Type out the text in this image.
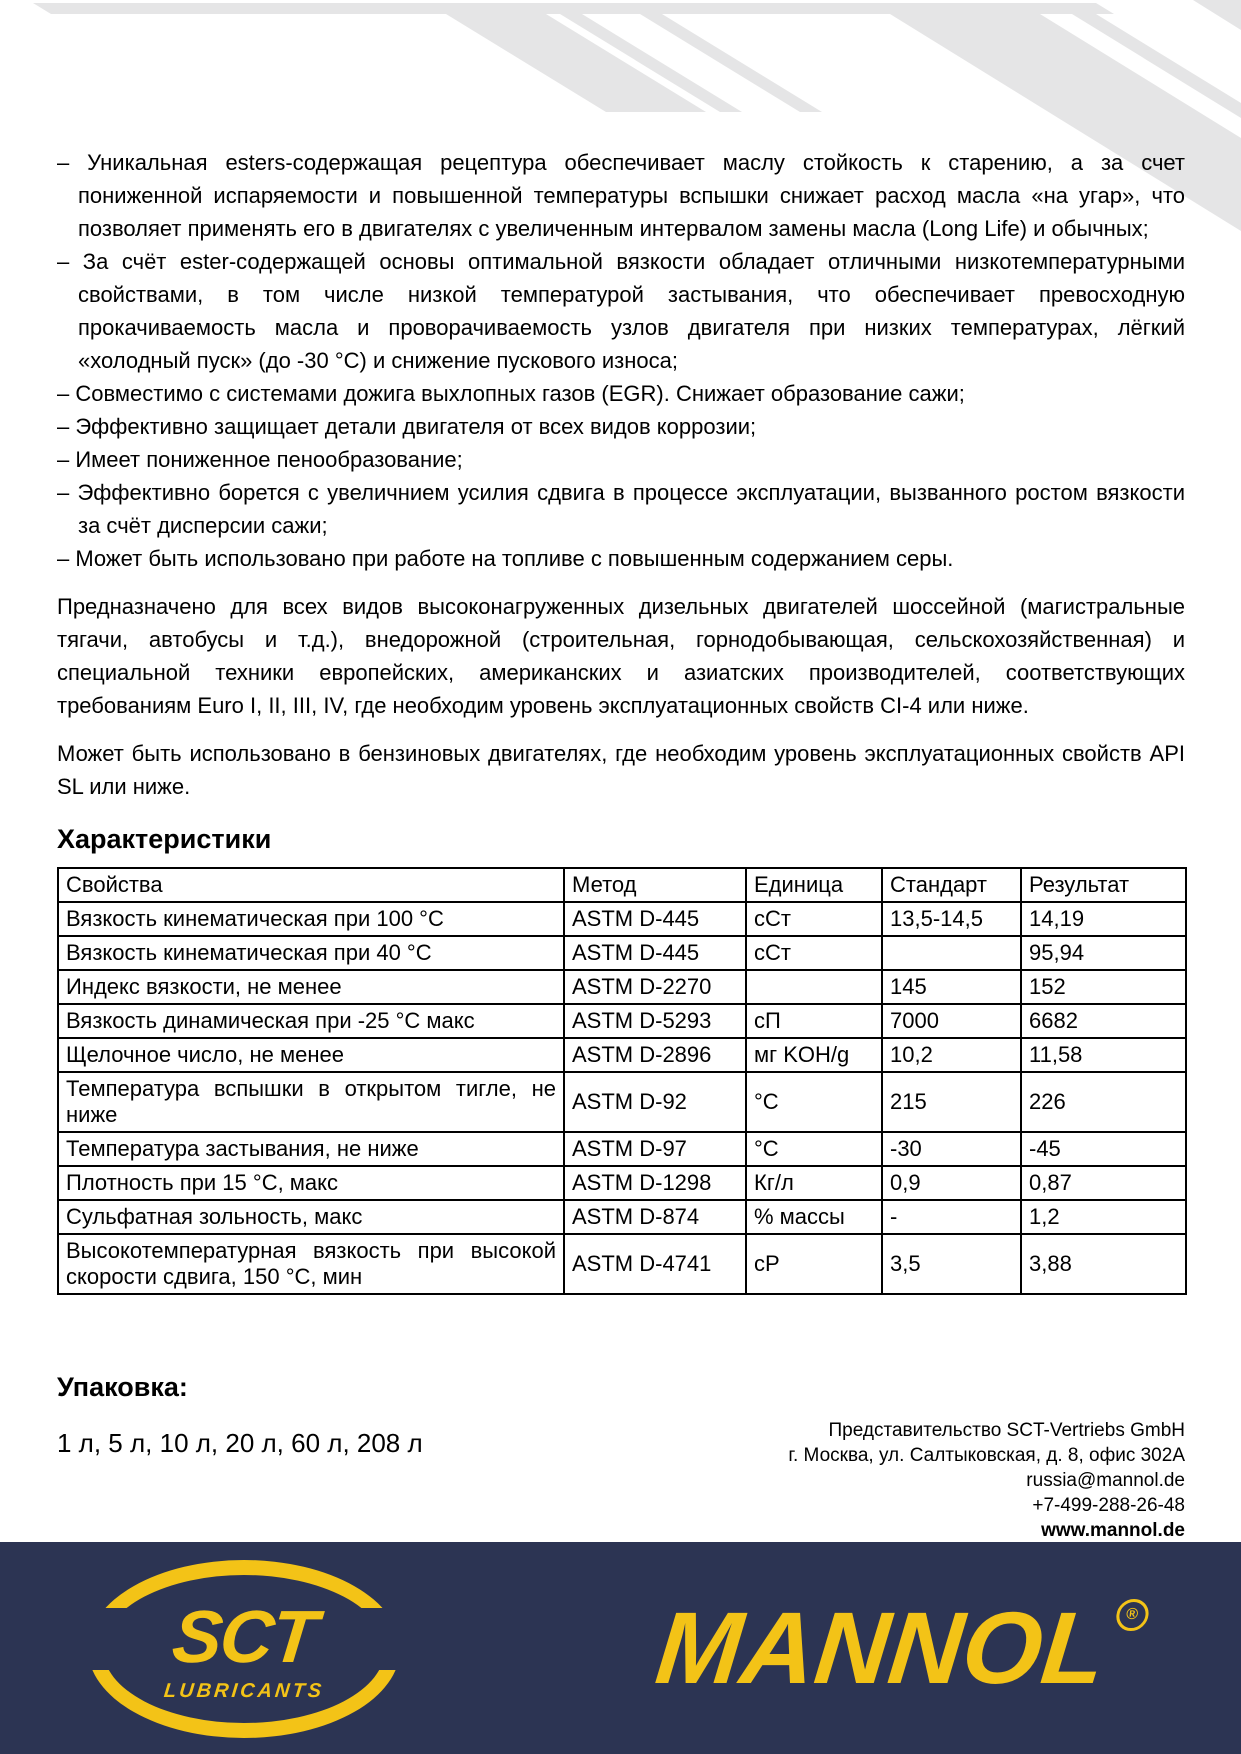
– Уникальная esters-содержащая рецептура обеспечивает маслу стойкость к старению, а за счет пониженной испаряемости и повышенной температуры вспышки снижает расход масла «на угар», что позволяет применять его в двигателях с увеличенным интервалом замены масла (Long Life) и обычных;
– За счёт ester-содержащей основы оптимальной вязкости обладает отличными низкотемпературными свойствами, в том числе низкой температурой застывания, что обеспечивает превосходную прокачиваемость масла и проворачиваемость узлов двигателя при низких температурах, лёгкий «холодный пуск» (до -30 °C) и снижение пускового износа;
– Совместимо с системами дожига выхлопных газов (EGR). Снижает образование сажи;
– Эффективно защищает детали двигателя от всех видов коррозии;
– Имеет пониженное пенообразование;
– Эффективно борется с увеличнием усилия сдвига в процессе эксплуатации, вызванного ростом вязкости за счёт дисперсии сажи;
– Может быть использовано при работе на топливе с повышенным содержанием серы.
Предназначено для всех видов высоконагруженных дизельных двигателей шоссейной (магистральные тягачи, автобусы и т.д.), внедорожной (строительная, горнодобывающая, сельскохозяйственная) и специальной техники европейских, американских и азиатских производителей, соответствующих требованиям Euro I, II, III, IV, где необходим уровень эксплуатационных свойств CI-4 или ниже.
Может быть использовано в бензиновых двигателях, где необходим уровень эксплуатационных свойств API SL или ниже.
Характеристики
Свойства	Метод	Единица	Стандарт	Результат
Вязкость кинематическая при 100 °C	ASTM D-445	сСт	13,5-14,5	14,19
Вязкость кинематическая при 40 °C	ASTM D-445	сСт		95,94
Индекс вязкости, не менее	ASTM D-2270		145	152
Вязкость динамическая при -25 °C макс	ASTM D-5293	сП	7000	6682
Щелочное число, не менее	ASTM D-2896	мг KOH/g	10,2	11,58
Температура вспышки в открытом тигле, не ниже	ASTM D-92	°C	215	226
Температура застывания, не ниже	ASTM D-97	°C	-30	-45
Плотность при 15 °C, макс	ASTM D-1298	Кг/л	0,9	0,87
Сульфатная зольность, макс	ASTM D-874	% массы	-	1,2
Высокотемпературная вязкость при высокой скорости сдвига, 150 °C, мин	ASTM D-4741	сР	3,5	3,88
Упаковка:
1 л, 5 л, 10 л, 20 л, 60 л, 208 л	Представительство SCT-Vertriebs GmbH
г. Москва, ул. Салтыковская, д. 8, офис 302А
russia@mannol.de
+7-499-288-26-48
www.mannol.de
SCT
LUBRICANTS	MANNOL ®
